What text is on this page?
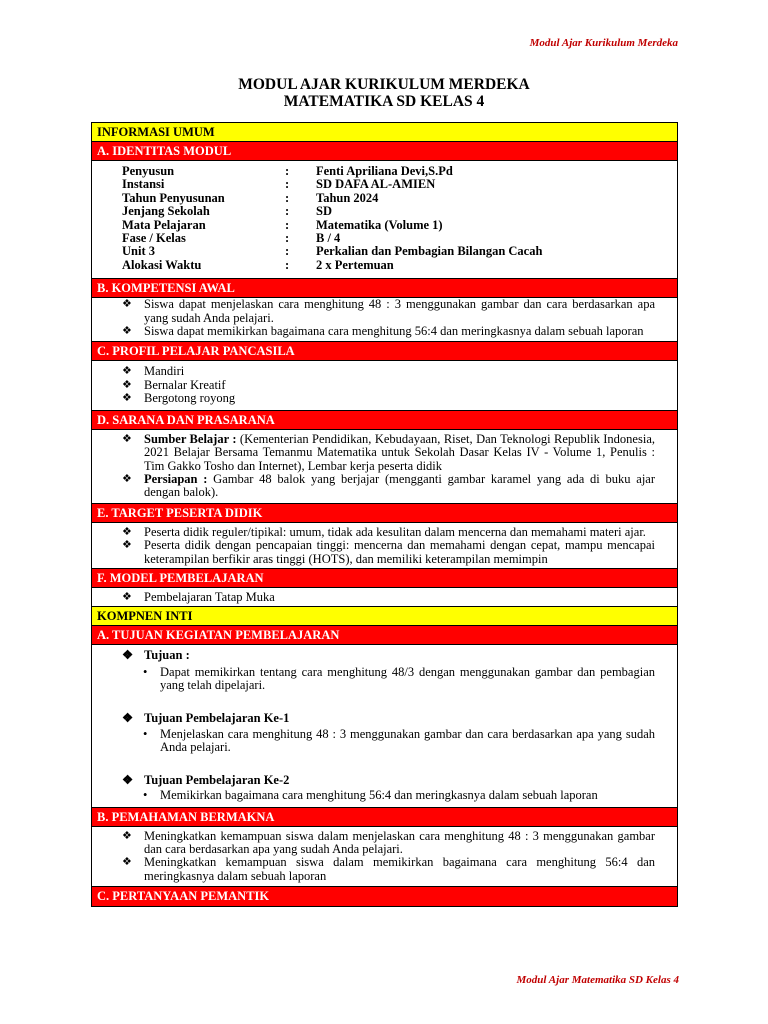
Modul Ajar Kurikulum Merdeka
MODUL AJAR KURIKULUM MERDEKA
MATEMATIKA SD KELAS 4
INFORMASI UMUM
A. IDENTITAS MODUL
Penyusun	:	Fenti Apriliana Devi,S.Pd
Instansi	:	SD DAFA AL-AMIEN
Tahun Penyusunan	:	Tahun 2024
Jenjang Sekolah	:	SD
Mata Pelajaran	:	Matematika (Volume 1)
Fase / Kelas	:	B / 4
Unit 3	:	Perkalian dan Pembagian Bilangan Cacah
Alokasi Waktu	:	2 x Pertemuan
B. KOMPETENSI AWAL
❖ Siswa dapat menjelaskan cara menghitung 48 : 3 menggunakan gambar dan cara berdasarkan apa yang sudah Anda pelajari.
❖ Siswa dapat memikirkan bagaimana cara menghitung 56:4 dan meringkasnya dalam sebuah laporan
C. PROFIL PELAJAR PANCASILA
❖ Mandiri
❖ Bernalar Kreatif
❖ Bergotong royong
D. SARANA DAN PRASARANA
❖ Sumber Belajar : (Kementerian Pendidikan, Kebudayaan, Riset, Dan Teknologi Republik Indonesia, 2021 Belajar Bersama Temanmu Matematika untuk Sekolah Dasar Kelas IV - Volume 1, Penulis : Tim Gakko Tosho dan Internet), Lembar kerja peserta didik
❖ Persiapan : Gambar 48 balok yang berjajar (mengganti gambar karamel yang ada di buku ajar dengan balok).
E. TARGET PESERTA DIDIK
❖ Peserta didik reguler/tipikal: umum, tidak ada kesulitan dalam mencerna dan memahami materi ajar.
❖ Peserta didik dengan pencapaian tinggi: mencerna dan memahami dengan cepat, mampu mencapai keterampilan berfikir aras tinggi (HOTS), dan memiliki keterampilan memimpin
F. MODEL PEMBELAJARAN
❖ Pembelajaran Tatap Muka
KOMPNEN INTI
A. TUJUAN KEGIATAN PEMBELAJARAN
❖ Tujuan :
• Dapat memikirkan tentang cara menghitung 48/3 dengan menggunakan gambar dan pembagian yang telah dipelajari.
❖ Tujuan Pembelajaran Ke-1
• Menjelaskan cara menghitung 48 : 3 menggunakan gambar dan cara berdasarkan apa yang sudah Anda pelajari.
❖ Tujuan Pembelajaran Ke-2
• Memikirkan bagaimana cara menghitung 56:4 dan meringkasnya dalam sebuah laporan
B. PEMAHAMAN BERMAKNA
❖ Meningkatkan kemampuan siswa dalam menjelaskan cara menghitung 48 : 3 menggunakan gambar dan cara berdasarkan apa yang sudah Anda pelajari.
❖ Meningkatkan kemampuan siswa dalam memikirkan bagaimana cara menghitung 56:4 dan meringkasnya dalam sebuah laporan
C. PERTANYAAN PEMANTIK
Modul Ajar Matematika SD Kelas 4
